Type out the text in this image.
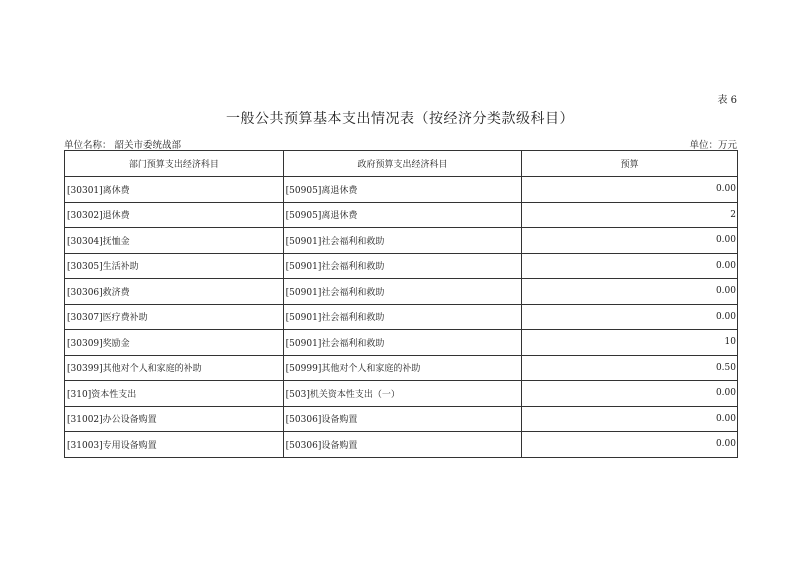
表 6
一般公共预算基本支出情况表（按经济分类款级科目）
单位名称： 韶关市委统战部	单位：万元
部门预算支出经济科目	政府预算支出经济科目	预算
[30301]离休费	[50905]离退休费	0.00
[30302]退休费	[50905]离退休费	2
[30304]抚恤金	[50901]社会福利和救助	0.00
[30305]生活补助	[50901]社会福利和救助	0.00
[30306]救济费	[50901]社会福利和救助	0.00
[30307]医疗费补助	[50901]社会福利和救助	0.00
[30309]奖励金	[50901]社会福利和救助	10
[30399]其他对个人和家庭的补助	[50999]其他对个人和家庭的补助	0.50
[310]资本性支出	[503]机关资本性支出（一）	0.00
[31002]办公设备购置	[50306]设备购置	0.00
[31003]专用设备购置	[50306]设备购置	0.00
